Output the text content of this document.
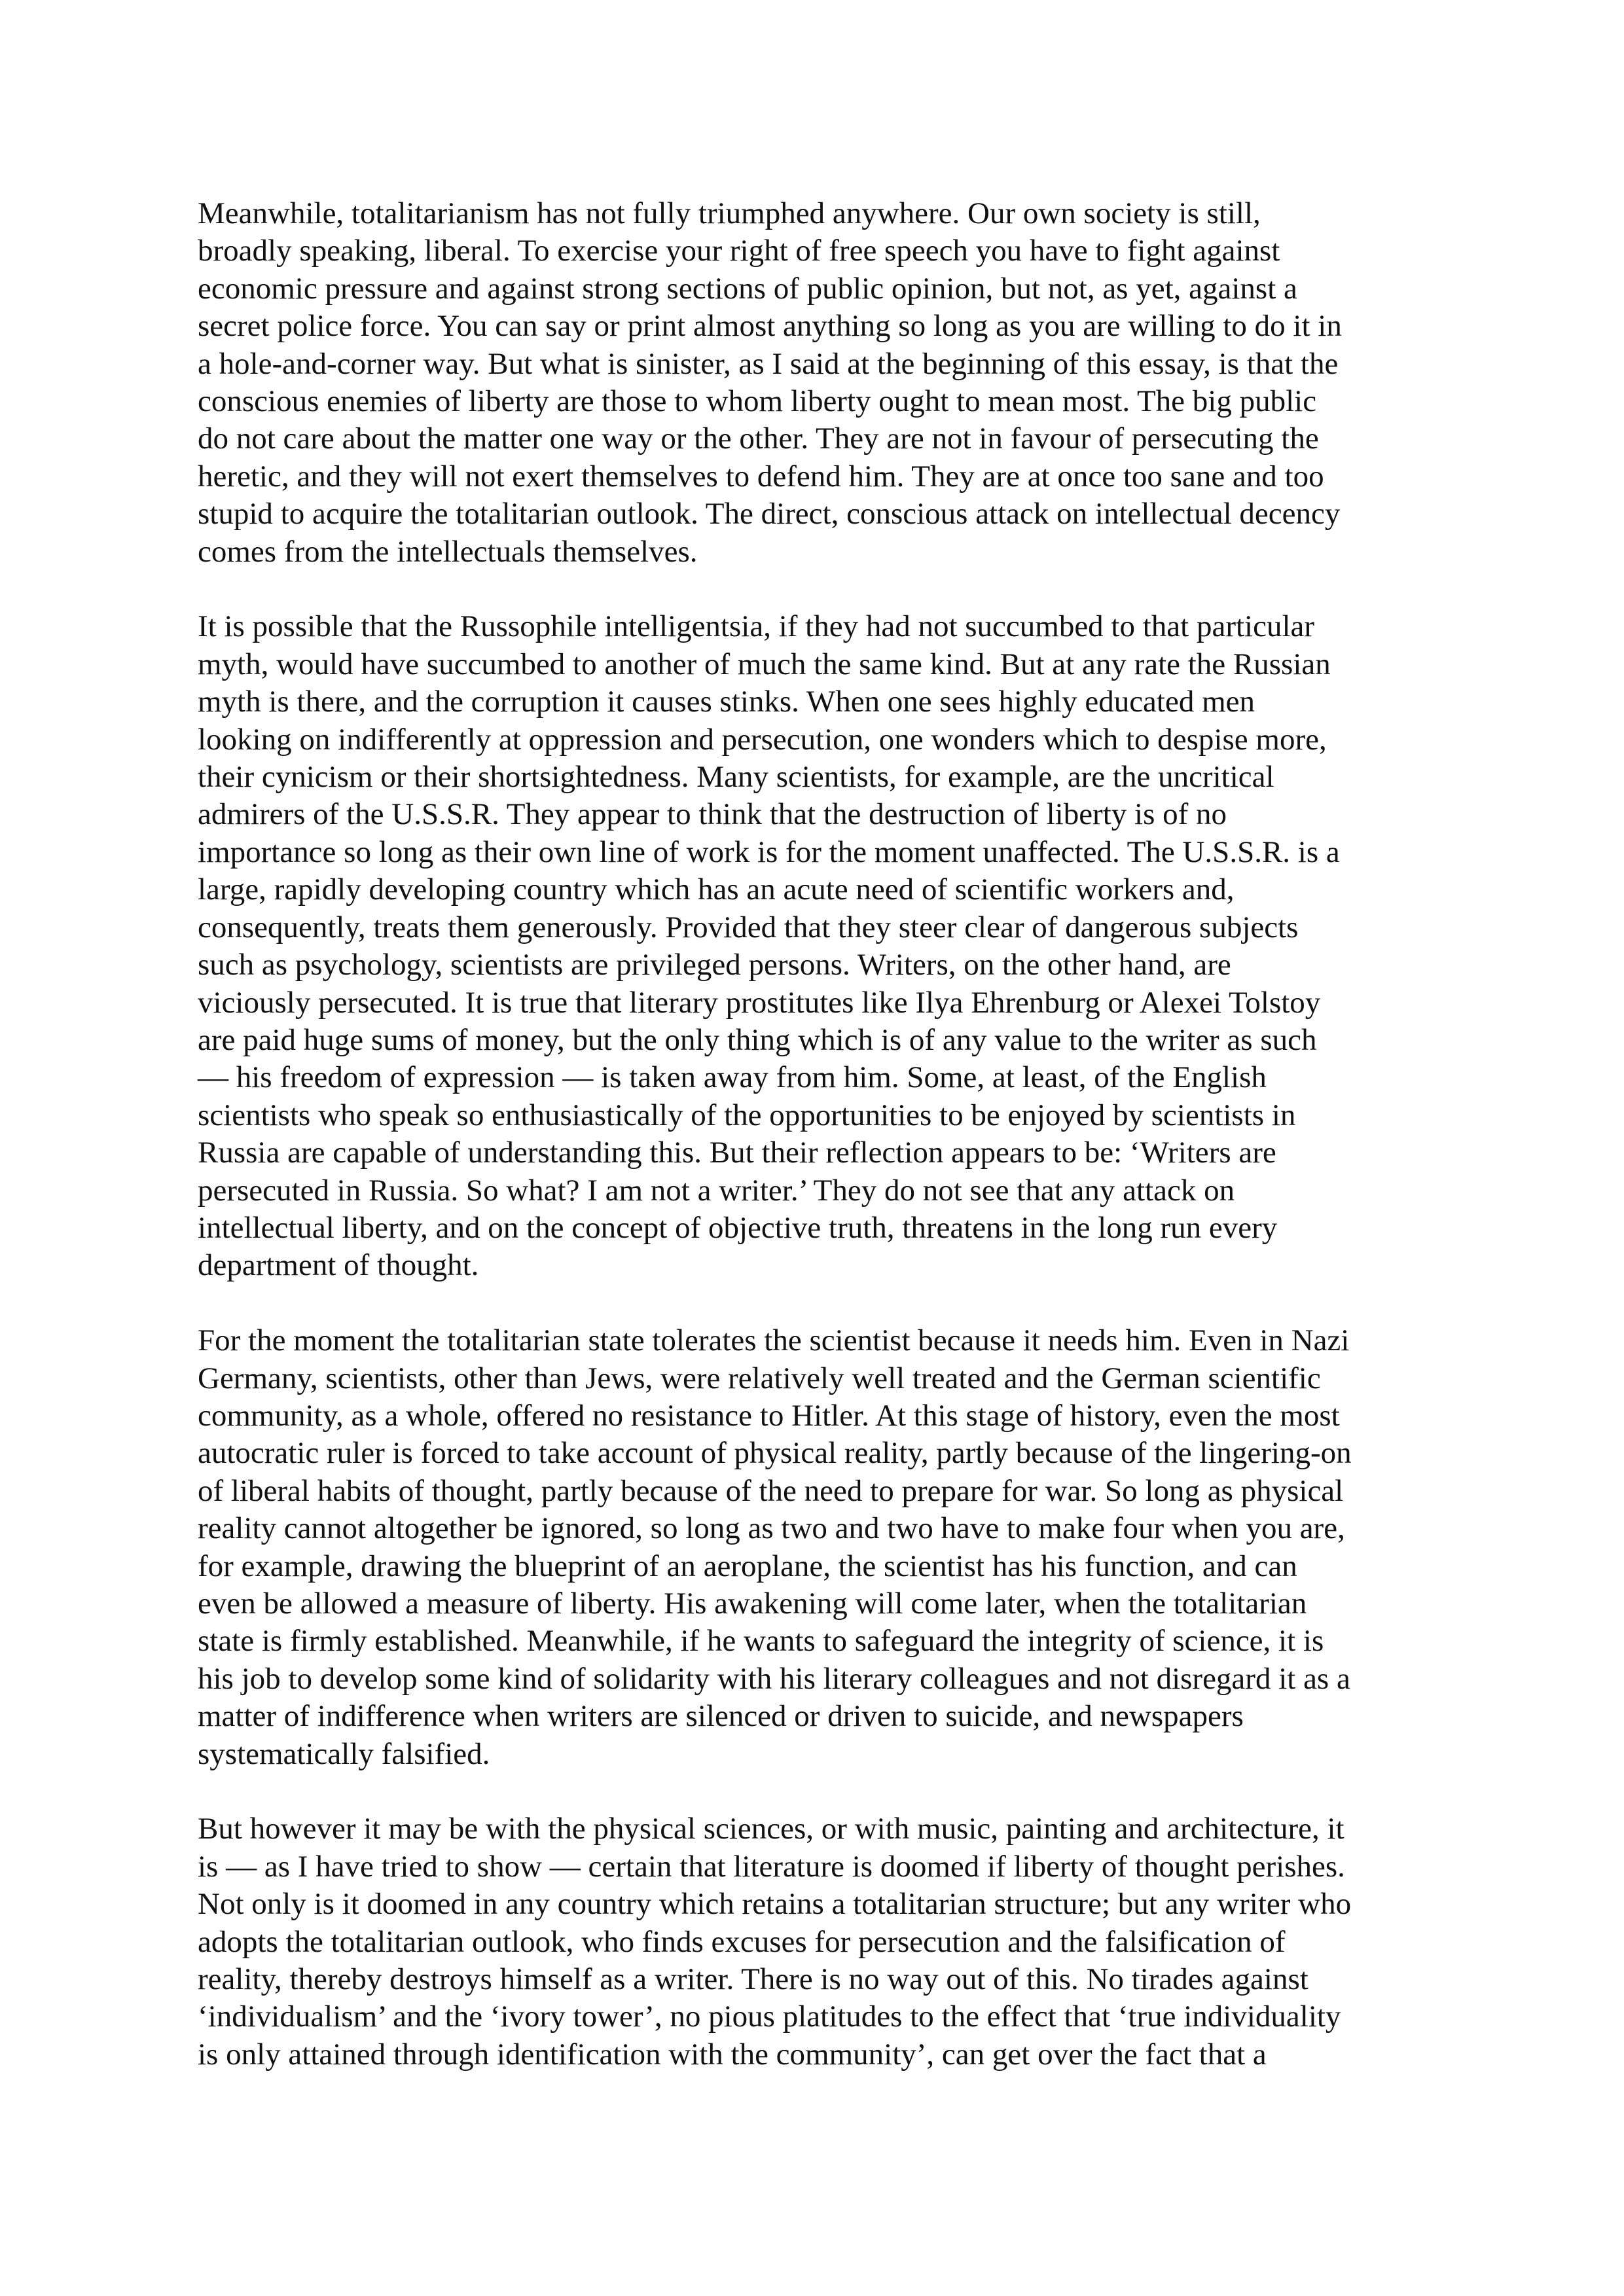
Meanwhile, totalitarianism has not fully triumphed anywhere. Our own society is still,
broadly speaking, liberal. To exercise your right of free speech you have to fight against
economic pressure and against strong sections of public opinion, but not, as yet, against a
secret police force. You can say or print almost anything so long as you are willing to do it in
a hole-and-corner way. But what is sinister, as I said at the beginning of this essay, is that the
conscious enemies of liberty are those to whom liberty ought to mean most. The big public
do not care about the matter one way or the other. They are not in favour of persecuting the
heretic, and they will not exert themselves to defend him. They are at once too sane and too
stupid to acquire the totalitarian outlook. The direct, conscious attack on intellectual decency
comes from the intellectuals themselves.

It is possible that the Russophile intelligentsia, if they had not succumbed to that particular
myth, would have succumbed to another of much the same kind. But at any rate the Russian
myth is there, and the corruption it causes stinks. When one sees highly educated men
looking on indifferently at oppression and persecution, one wonders which to despise more,
their cynicism or their shortsightedness. Many scientists, for example, are the uncritical
admirers of the U.S.S.R. They appear to think that the destruction of liberty is of no
importance so long as their own line of work is for the moment unaffected. The U.S.S.R. is a
large, rapidly developing country which has an acute need of scientific workers and,
consequently, treats them generously. Provided that they steer clear of dangerous subjects
such as psychology, scientists are privileged persons. Writers, on the other hand, are
viciously persecuted. It is true that literary prostitutes like Ilya Ehrenburg or Alexei Tolstoy
are paid huge sums of money, but the only thing which is of any value to the writer as such
— his freedom of expression — is taken away from him. Some, at least, of the English
scientists who speak so enthusiastically of the opportunities to be enjoyed by scientists in
Russia are capable of understanding this. But their reflection appears to be: ‘Writers are
persecuted in Russia. So what? I am not a writer.’ They do not see that any attack on
intellectual liberty, and on the concept of objective truth, threatens in the long run every
department of thought.

For the moment the totalitarian state tolerates the scientist because it needs him. Even in Nazi
Germany, scientists, other than Jews, were relatively well treated and the German scientific
community, as a whole, offered no resistance to Hitler. At this stage of history, even the most
autocratic ruler is forced to take account of physical reality, partly because of the lingering-on
of liberal habits of thought, partly because of the need to prepare for war. So long as physical
reality cannot altogether be ignored, so long as two and two have to make four when you are,
for example, drawing the blueprint of an aeroplane, the scientist has his function, and can
even be allowed a measure of liberty. His awakening will come later, when the totalitarian
state is firmly established. Meanwhile, if he wants to safeguard the integrity of science, it is
his job to develop some kind of solidarity with his literary colleagues and not disregard it as a
matter of indifference when writers are silenced or driven to suicide, and newspapers
systematically falsified.

But however it may be with the physical sciences, or with music, painting and architecture, it
is — as I have tried to show — certain that literature is doomed if liberty of thought perishes.
Not only is it doomed in any country which retains a totalitarian structure; but any writer who
adopts the totalitarian outlook, who finds excuses for persecution and the falsification of
reality, thereby destroys himself as a writer. There is no way out of this. No tirades against
‘individualism’ and the ‘ivory tower’, no pious platitudes to the effect that ‘true individuality
is only attained through identification with the community’, can get over the fact that a
